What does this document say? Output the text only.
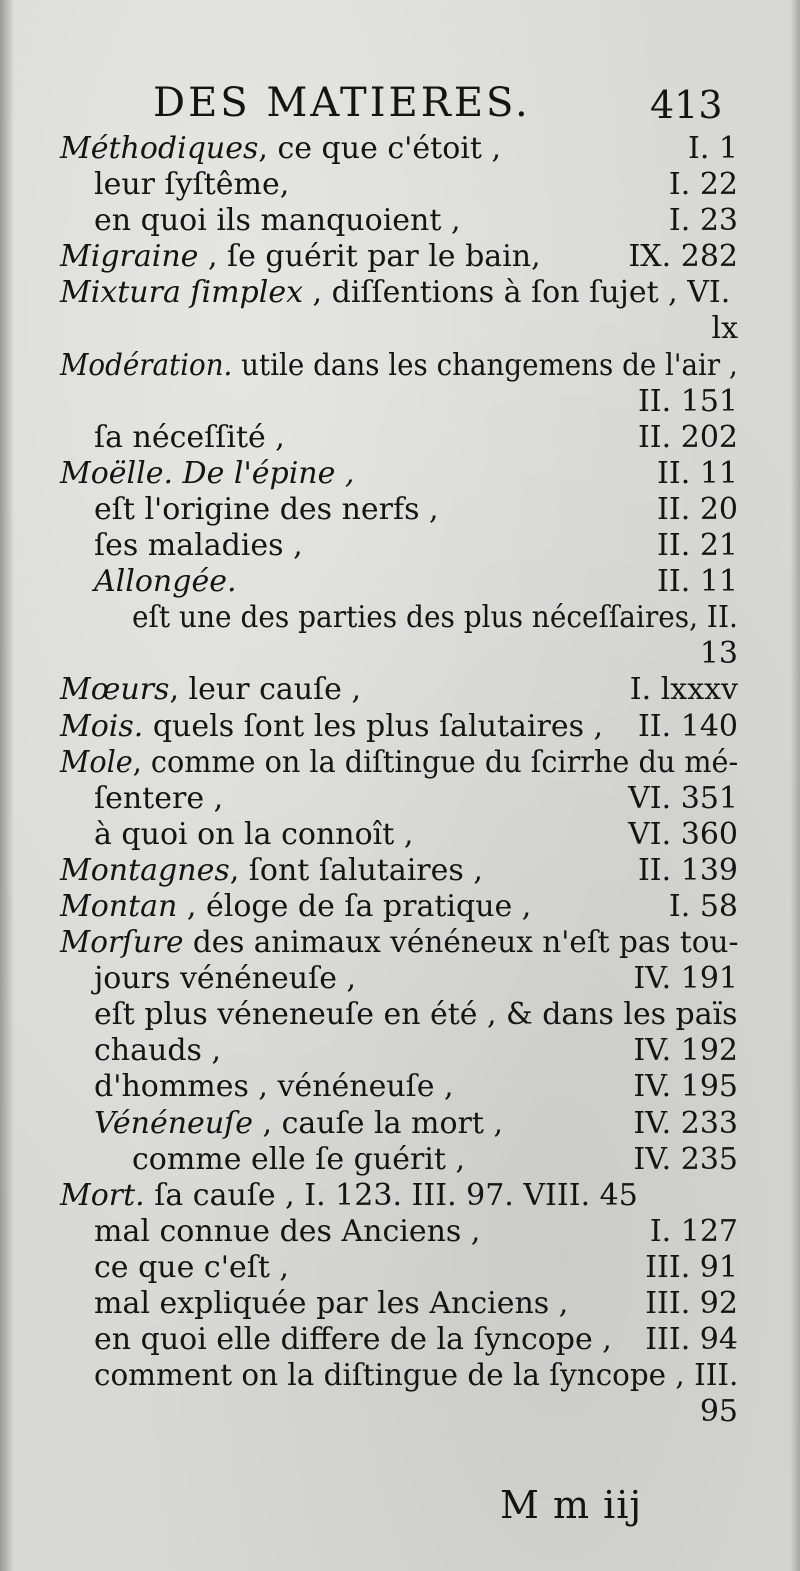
DES MATIERES.	413
Méthodiques, ce que c'étoit ,	I. 1
leur ſyſtême,	I. 22
en quoi ils manquoient ,	I. 23
Migraine , ſe guérit par le bain,	IX. 282
Mixtura ſimplex , diſſentions à ſon ſujet , VI.
lx
Modération. utile dans les changemens de l'air ,
II. 151
ſa néceſſité ,	II. 202
Moëlle. De l'épine ,	II. 11
eſt l'origine des nerfs ,	II. 20
ſes maladies ,	II. 21
Allongée.	II. 11
eſt une des parties des plus néceſſaires, II.
13
Mœurs, leur cauſe ,	I. lxxxv
Mois. quels ſont les plus ſalutaires , II. 140
Mole, comme on la diſtingue du ſcirrhe du mé-
ſentere ,	VI. 351
à quoi on la connoît ,	VI. 360
Montagnes, ſont ſalutaires ,	II. 139
Montan , éloge de ſa pratique ,	I. 58
Morſure des animaux vénéneux n'eſt pas tou-
jours vénéneuſe ,	IV. 191
eſt plus véneneuſe en été , & dans les païs
chauds ,	IV. 192
d'hommes , vénéneuſe ,	IV. 195
Vénéneuſe , cauſe la mort ,	IV. 233
comme elle ſe guérit ,	IV. 235
Mort. ſa cauſe , I. 123. III. 97. VIII. 45
mal connue des Anciens ,	I. 127
ce que c'eſt ,	III. 91
mal expliquée par les Anciens ,	III. 92
en quoi elle differe de la ſyncope , III. 94
comment on la diſtingue de la ſyncope , III.
95
M m iij
